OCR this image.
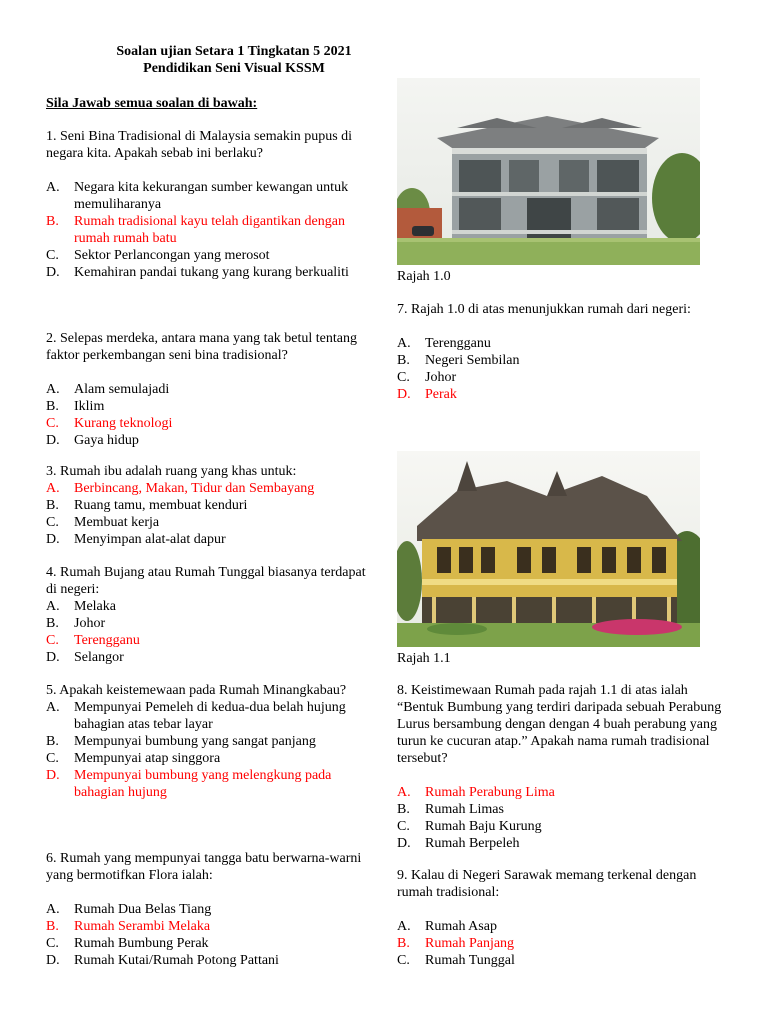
Soalan ujian Setara 1 Tingkatan 5 2021
Pendidikan Seni Visual KSSM
Sila Jawab semua soalan di bawah:

1. Seni Bina Tradisional di Malaysia semakin pupus di negara kita. Apakah sebab ini berlaku?

A. Negara kita kekurangan sumber kewangan untuk memuliharanya
B. Rumah tradisional kayu telah digantikan dengan rumah rumah batu
C. Sektor Perlancongan yang merosot
D. Kemahiran pandai tukang yang kurang berkualiti

2. Selepas merdeka, antara mana yang tak betul tentang faktor perkembangan seni bina tradisional?

A. Alam semulajadi
B. Iklim
C. Kurang teknologi
D. Gaya hidup

3. Rumah ibu adalah ruang yang khas untuk:

A. Berbincang, Makan, Tidur dan Sembayang
B. Ruang tamu, membuat kenduri
C. Membuat kerja
D. Menyimpan alat-alat dapur

4. Rumah Bujang atau Rumah Tunggal biasanya terdapat di negeri:

A. Melaka
B. Johor
C. Terengganu
D. Selangor

5. Apakah keistemewaan pada Rumah Minangkabau?

A. Mempunyai Pemeleh di kedua-dua belah hujung bahagian atas tebar layar
B. Mempunyai bumbung yang sangat panjang
C. Mempunyai atap singgora
D. Mempunyai bumbung yang melengkung pada bahagian hujung

6. Rumah yang mempunyai tangga batu berwarna-warni yang bermotifkan Flora ialah:

A. Rumah Dua Belas Tiang
B. Rumah Serambi Melaka
C. Rumah Bumbung Perak
D. Rumah Kutai/Rumah Potong Pattani
Rajah 1.0

7. Rajah 1.0 di atas menunjukkan rumah dari negeri:

A. Terengganu
B. Negeri Sembilan
C. Johor
D. Perak
Rajah 1.1

8. Keistimewaan Rumah pada rajah 1.1 di atas ialah “Bentuk Bumbung yang terdiri daripada sebuah Perabung Lurus bersambung dengan dengan 4 buah perabung yang turun ke cucuran atap.” Apakah nama rumah tradisional tersebut?

A. Rumah Perabung Lima
B. Rumah Limas
C. Rumah Baju Kurung
D. Rumah Berpeleh

9. Kalau di Negeri Sarawak memang terkenal dengan rumah tradisional:

A. Rumah Asap
B. Rumah Panjang
C. Rumah Tunggal
